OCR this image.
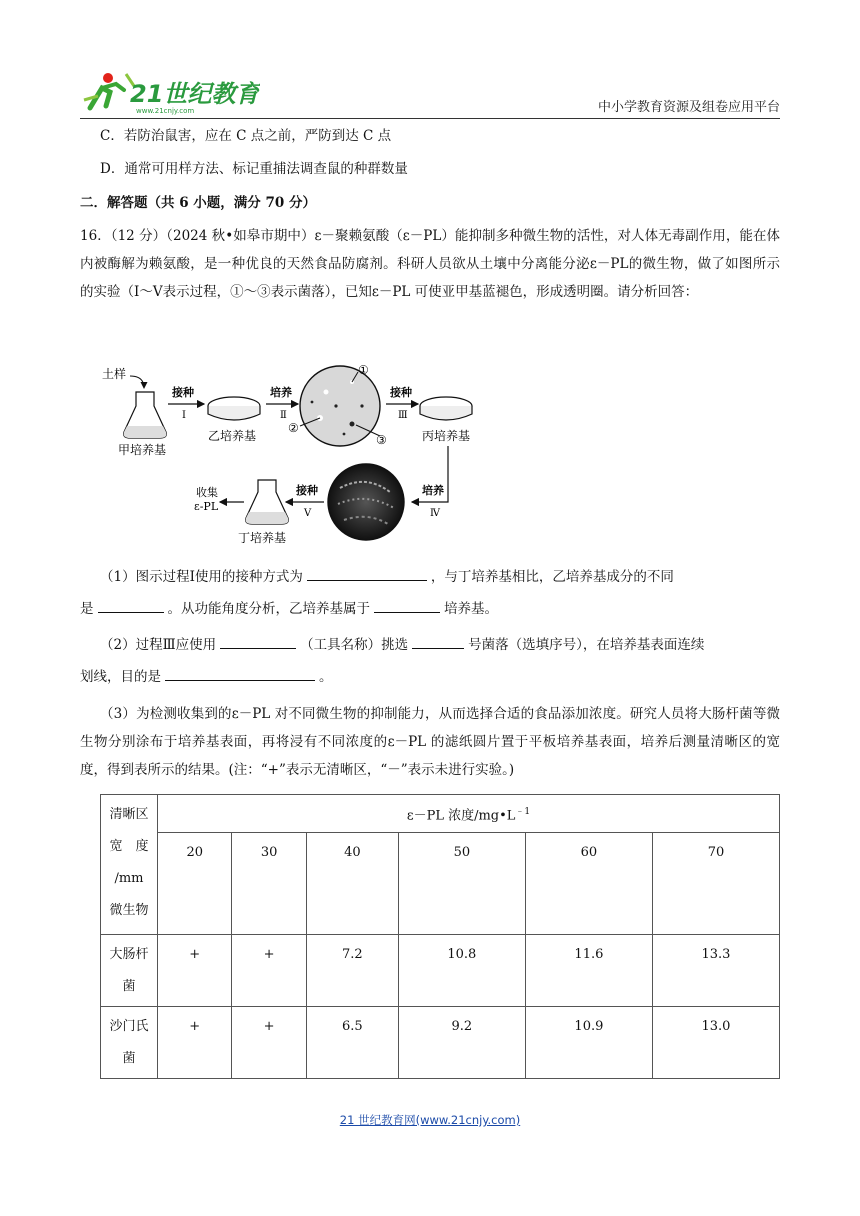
21世纪教育
www.21cnjy.com	中小学教育资源及组卷应用平台
C．若防治鼠害，应在 C 点之前，严防到达 C 点
D．通常可用样方法、标记重捕法调查鼠的种群数量
二．解答题（共 6 小题，满分 70 分）
16．（12 分）（2024 秋•如皋市期中）ε－聚赖氨酸（ε－PL）能抑制多种微生物的活性，对人体无毒副作用，能在体内被酶解为赖氨酸，是一种优良的天然食品防腐剂。科研人员欲从土壤中分离能分泌ε－PL的微生物，做了如图所示的实验（Ⅰ～Ⅴ表示过程，①～③表示菌落），已知ε－PL 可使亚甲基蓝褪色，形成透明圈。请分析回答：
土样
甲培养基
接种
Ⅰ
乙培养基
培养
Ⅱ
①
②
③
接种
Ⅲ
丙培养基
培养
Ⅳ
接种
Ⅴ
丁培养基
收集
ε-PL
（1）图示过程Ⅰ使用的接种方式为	，与丁培养基相比，乙培养基成分的不同
是	。从功能角度分析，乙培养基属于	培养基。
（2）过程Ⅲ应使用	（工具名称）挑选	号菌落（选填序号），在培养基表面连续
划线，目的是	。
（3）为检测收集到的ε－PL 对不同微生物的抑制能力，从而选择合适的食品添加浓度。研究人员将大肠杆菌等微生物分别涂布于培养基表面，再将浸有不同浓度的ε－PL 的滤纸圆片置于平板培养基表面，培养后测量清晰区的宽度，得到表所示的结果。(注：“+”表示无清晰区，“－”表示未进行实验。)
清晰区
宽　度
/mm
微生物	ε－PL 浓度$/mg•L^{﹣1}$
	20	30	40	50	60	70

大肠杆
菌	+	+	7.2	10.8	11.6	13.3

沙门氏
菌	+	+	6.5	9.2	10.9	13.0
21 世纪教育网(www.21cnjy.com)
